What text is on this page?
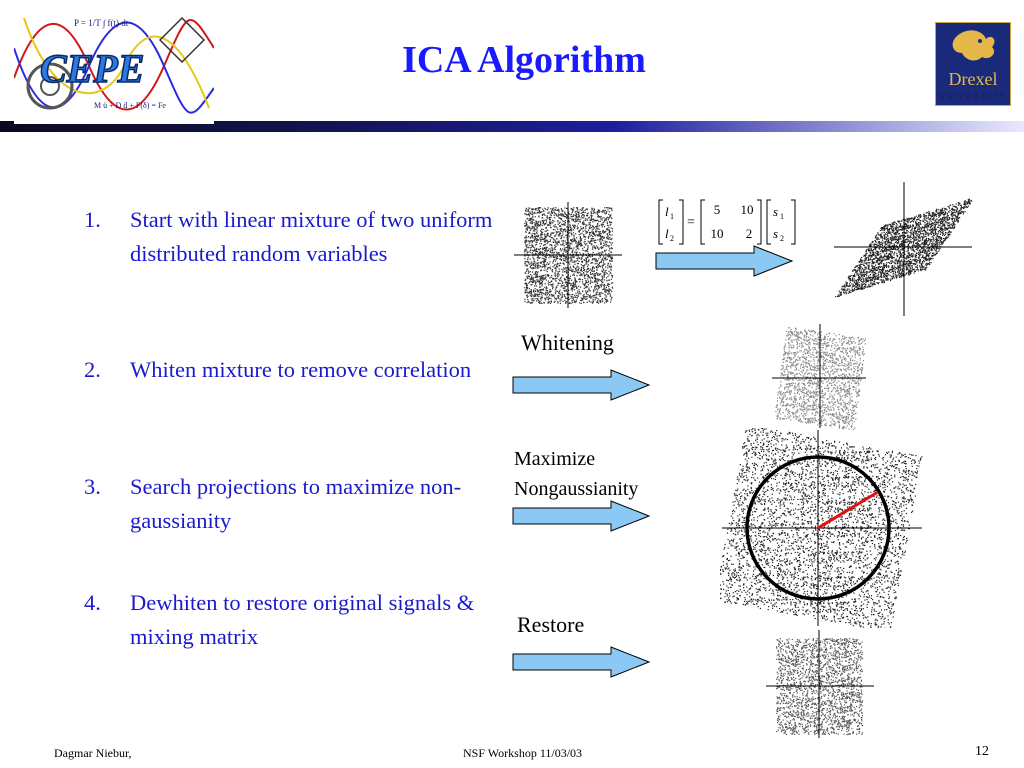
ICA Algorithm
P = 1/T ∫ f(t) dt
M ü + D ḋ + F(δ) = Fe
CEPE	Drexel
UNIVERSITY
1.	Start with linear mixture of two uniform distributed random variables
2.	Whiten mixture to remove correlation
3.	Search projections to maximize non-gaussianity
4.	Dewhiten to restore original signals & mixing matrix
Whitening
Maximize
Nongaussianity
Restore
l 1
l 2
=
5 10
10 2
s 1
s 2
Dagmar Niebur,	NSF Workshop 11/03/03	12
